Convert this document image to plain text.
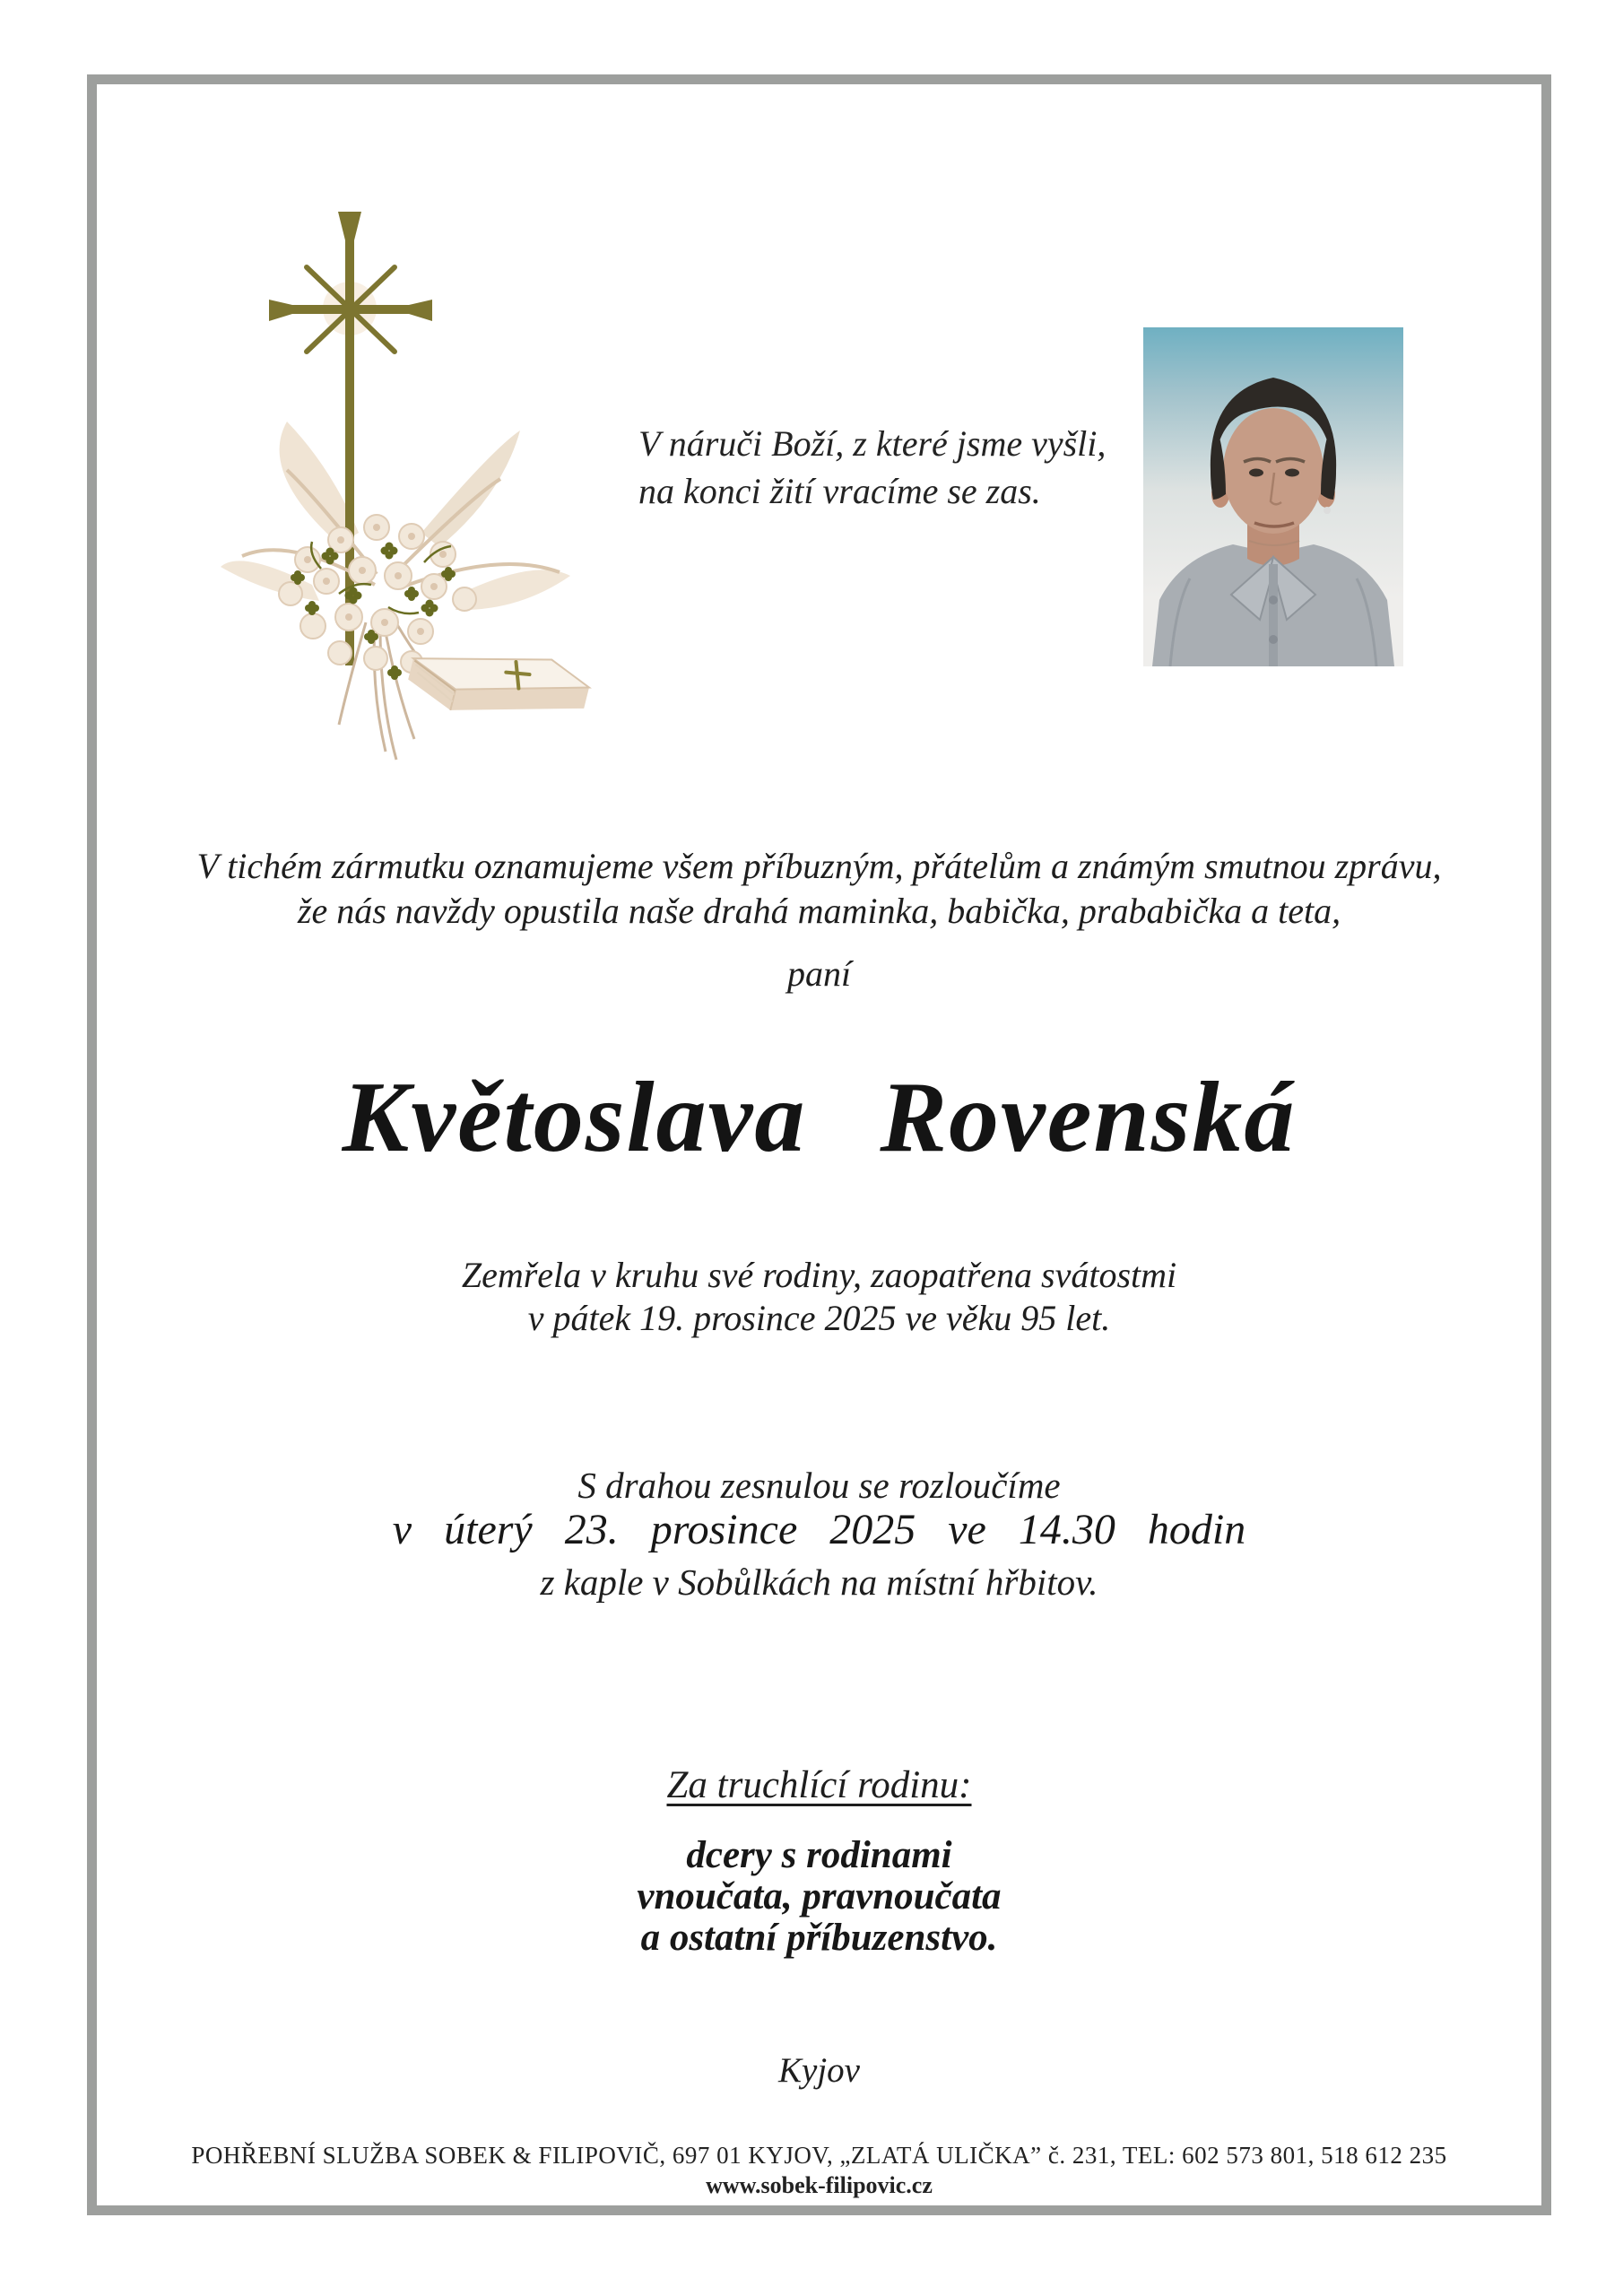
V náruči Boží, z které jsme vyšli,
na konci žití vracíme se zas.
V tichém zármutku oznamujeme všem příbuzným, přátelům a známým smutnou zprávu,
že nás navždy opustila naše drahá maminka, babička, prababička a teta,
paní
Květoslava Rovenská
Zemřela v kruhu své rodiny, zaopatřena svátostmi
v pátek 19. prosince 2025 ve věku 95 let.
S drahou zesnulou se rozloučíme
v úterý 23. prosince 2025 ve 14.30 hodin
z kaple v Sobůlkách na místní hřbitov.
Za truchlící rodinu:
dcery s rodinami
vnoučata, pravnoučata
a ostatní příbuzenstvo.
Kyjov
POHŘEBNÍ SLUŽBA SOBEK & FILIPOVIČ, 697 01 KYJOV, „ZLATÁ ULIČKA” č. 231, TEL: 602 573 801, 518 612 235
www.sobek-filipovic.cz
